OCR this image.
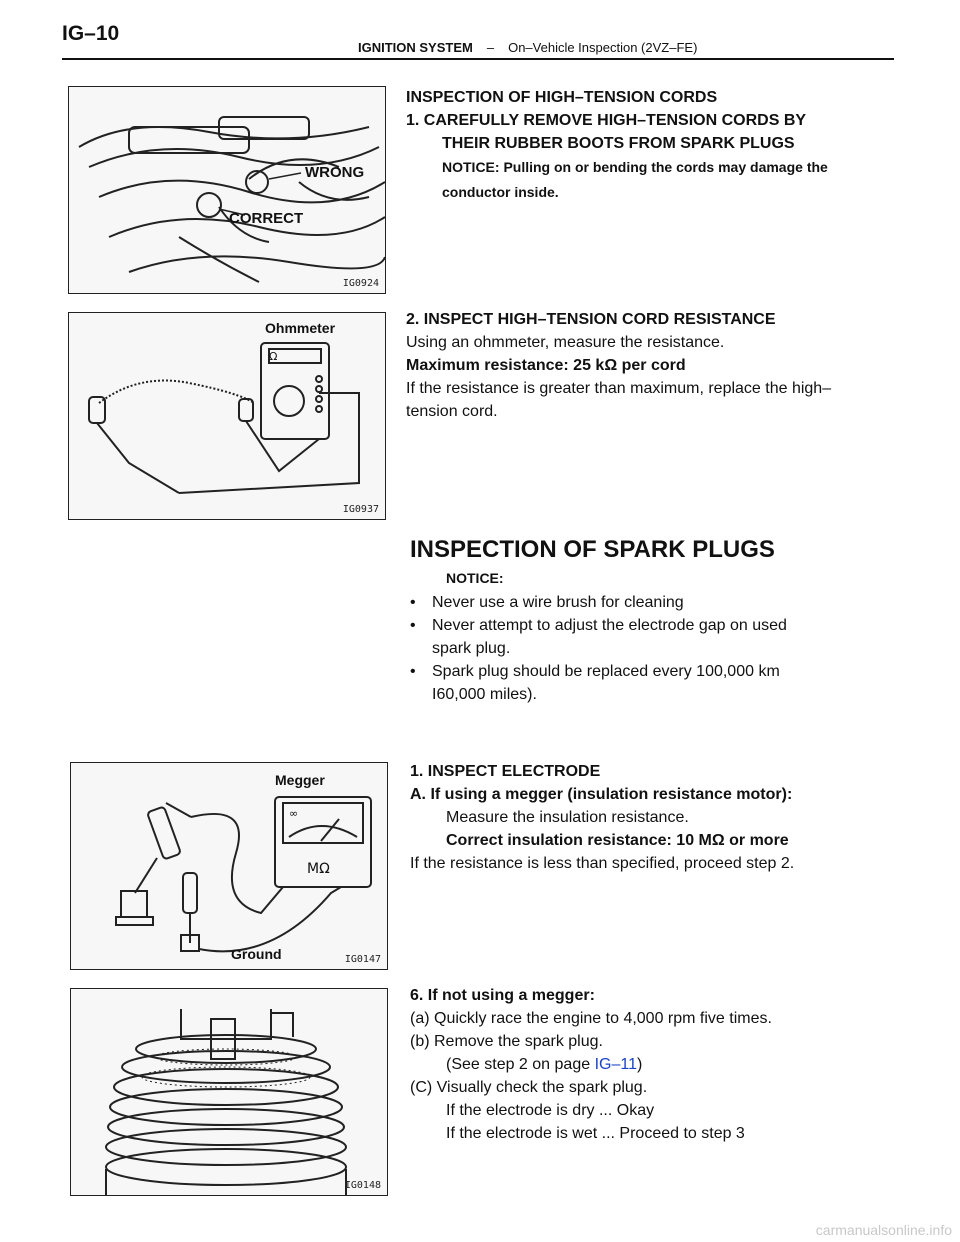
IG–10
IGNITION SYSTEM – On–Vehicle Inspection (2VZ–FE)
WRONG
CORRECT
IG0924
INSPECTION OF HIGH–TENSION CORDS
1. CAREFULLY REMOVE HIGH–TENSION CORDS BY
THEIR RUBBER BOOTS FROM SPARK PLUGS
NOTICE: Pulling on or bending the cords may damage the
conductor inside.
Ω
Ohmmeter
IG0937
2. INSPECT HIGH–TENSION CORD RESISTANCE
Using an ohmmeter, measure the resistance.
Maximum resistance: 25 kΩ per cord
If the resistance is greater than maximum, replace the high–
tension cord.
INSPECTION OF SPARK PLUGS
NOTICE:
• Never use a wire brush for cleaning
• Never attempt to adjust the electrode gap on used
spark plug.
• Spark plug should be replaced every 100,000 km
I60,000 miles).
∞
MΩ
Megger
Ground	IG0147
1. INSPECT ELECTRODE
A. If using a megger (insulation resistance motor):
Measure the insulation resistance.
Correct insulation resistance: 10 MΩ or more
If the resistance is less than specified, proceed step 2.
IG0148
6. If not using a megger:
(a) Quickly race the engine to 4,000 rpm five times.
(b) Remove the spark plug.
(See step 2 on page IG–11)
(C) Visually check the spark plug.
If the electrode is dry ... Okay
If the electrode is wet ... Proceed to step 3
carmanualsonline.info
